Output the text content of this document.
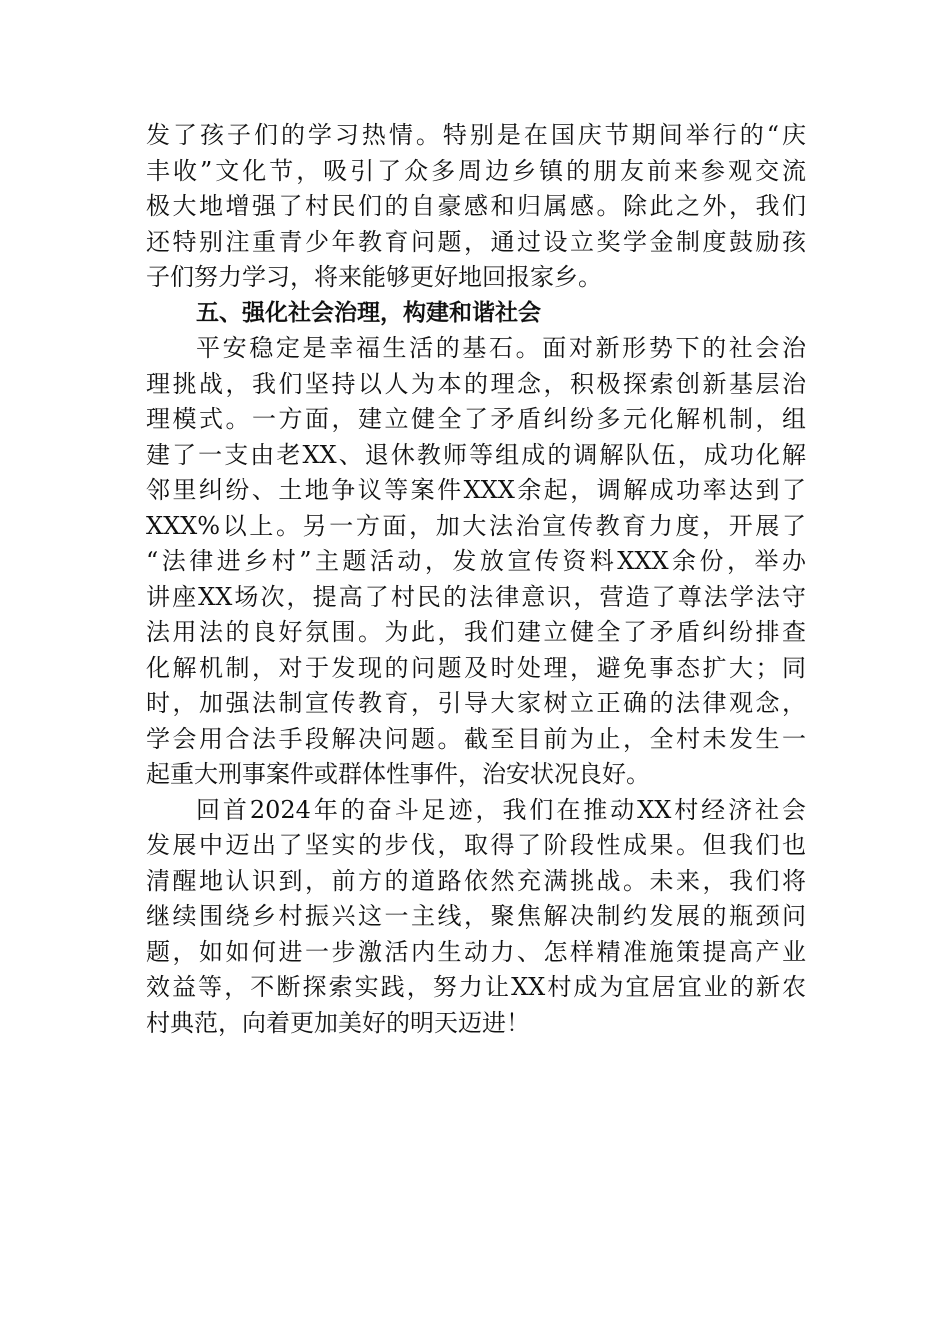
发了孩子们的学习热情。特别是在国庆节期间举行的“庆
丰收”文化节，吸引了众多周边乡镇的朋友前来参观交流
极大地增强了村民们的自豪感和归属感。除此之外，我们
还特别注重青少年教育问题，通过设立奖学金制度鼓励孩
子们努力学习，将来能够更好地回报家乡。

五、强化社会治理，构建和谐社会

平安稳定是幸福生活的基石。面对新形势下的社会治
理挑战，我们坚持以人为本的理念，积极探索创新基层治
理模式。一方面，建立健全了矛盾纠纷多元化解机制，组
建了一支由老XX、退休教师等组成的调解队伍，成功化解
邻里纠纷、土地争议等案件XXX余起，调解成功率达到了
XXX%以上。另一方面，加大法治宣传教育力度，开展了
“法律进乡村”主题活动，发放宣传资料XXX余份，举办
讲座XX场次，提高了村民的法律意识，营造了尊法学法守
法用法的良好氛围。为此，我们建立健全了矛盾纠纷排查
化解机制，对于发现的问题及时处理，避免事态扩大；同
时，加强法制宣传教育，引导大家树立正确的法律观念，
学会用合法手段解决问题。截至目前为止，全村未发生一
起重大刑事案件或群体性事件，治安状况良好。

回首2024年的奋斗足迹，我们在推动XX村经济社会
发展中迈出了坚实的步伐，取得了阶段性成果。但我们也
清醒地认识到，前方的道路依然充满挑战。未来，我们将
继续围绕乡村振兴这一主线，聚焦解决制约发展的瓶颈问
题，如如何进一步激活内生动力、怎样精准施策提高产业
效益等，不断探索实践，努力让XX村成为宜居宜业的新农
村典范，向着更加美好的明天迈进！
